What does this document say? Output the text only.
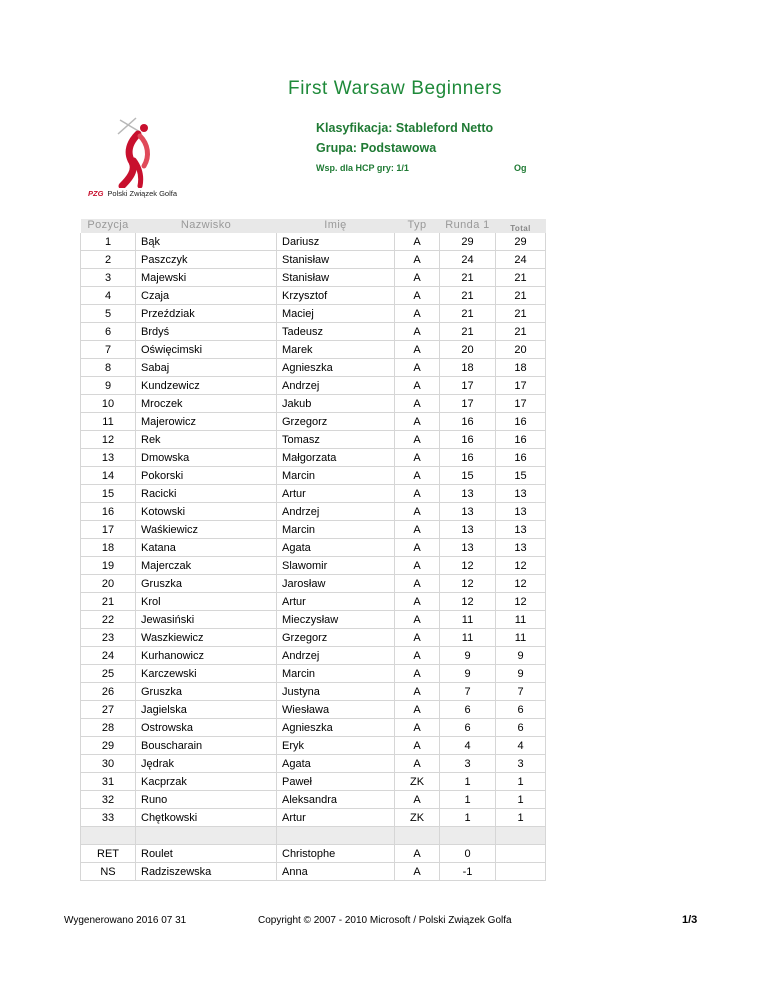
First Warsaw Beginners
PZG Polski Związek Golfa
Klasyfikacja: Stableford Netto
Grupa: Podstawowa
Wsp. dla HCP gry: 1/1	Og
Pozycja	Nazwisko	Imię	Typ	Runda 1	Total
1	Bąk	Dariusz	A	29	29
2	Paszczyk	Stanisław	A	24	24
3	Majewski	Stanisław	A	21	21
4	Czaja	Krzysztof	A	21	21
5	Przeździak	Maciej	A	21	21
6	Brdyś	Tadeusz	A	21	21
7	Oświęcimski	Marek	A	20	20
8	Sabaj	Agnieszka	A	18	18
9	Kundzewicz	Andrzej	A	17	17
10	Mroczek	Jakub	A	17	17
11	Majerowicz	Grzegorz	A	16	16
12	Rek	Tomasz	A	16	16
13	Dmowska	Małgorzata	A	16	16
14	Pokorski	Marcin	A	15	15
15	Racicki	Artur	A	13	13
16	Kotowski	Andrzej	A	13	13
17	Waśkiewicz	Marcin	A	13	13
18	Katana	Agata	A	13	13
19	Majerczak	Slawomir	A	12	12
20	Gruszka	Jarosław	A	12	12
21	Krol	Artur	A	12	12
22	Jewasiński	Mieczysław	A	11	11
23	Waszkiewicz	Grzegorz	A	11	11
24	Kurhanowicz	Andrzej	A	9	9
25	Karczewski	Marcin	A	9	9
26	Gruszka	Justyna	A	7	7
27	Jagielska	Wiesława	A	6	6
28	Ostrowska	Agnieszka	A	6	6
29	Bouscharain	Eryk	A	4	4
30	Jędrak	Agata	A	3	3
31	Kacprzak	Paweł	ZK	1	1
32	Runo	Aleksandra	A	1	1
33	Chętkowski	Artur	ZK	1	1

RET	Roulet	Christophe	A	0	
NS	Radziszewska	Anna	A	-1	
Wygenerowano 2016 07 31	Copyright © 2007 - 2010 Microsoft / Polski Związek Golfa	1/3
